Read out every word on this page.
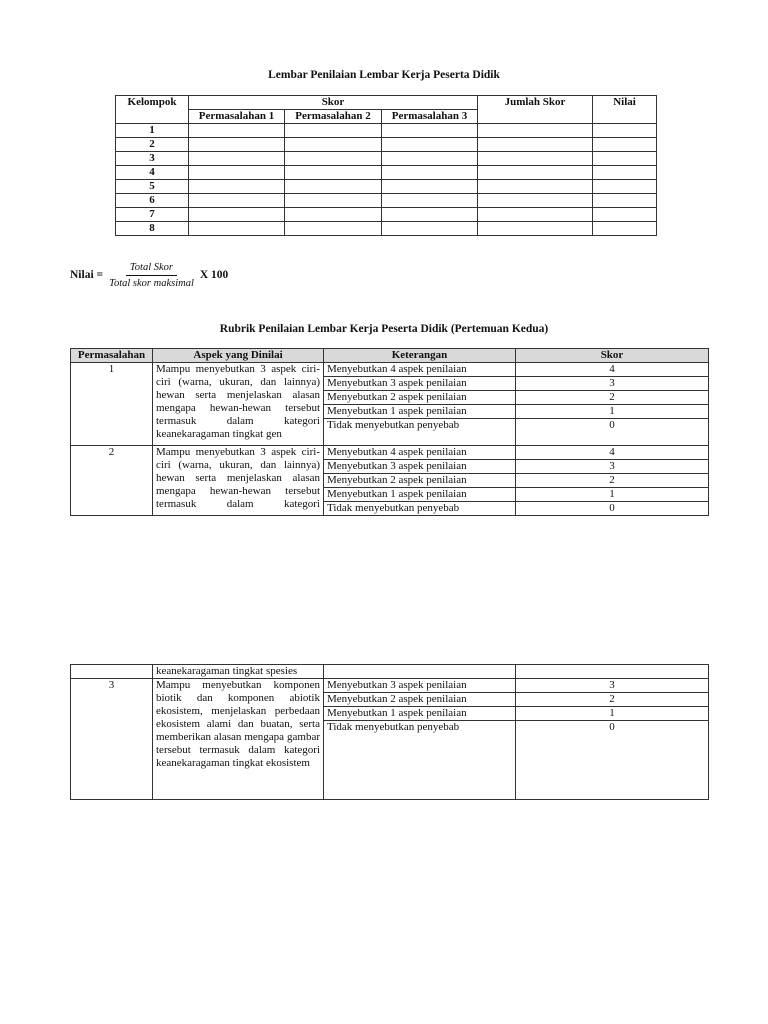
Lembar Penilaian Lembar Kerja Peserta Didik
Kelompok	Skor			Jumlah Skor	Nilai
	Permasalahan 1	Permasalahan 2	Permasalahan 3		
1					
2					
3					
4					
5					
6					
7					
8					
Nilai = $\frac{\text{Total Skor}}{\text{Total skor maksimal}}$ X 100
Rubrik Penilaian Lembar Kerja Peserta Didik (Pertemuan Kedua)
Permasalahan	Aspek yang Dinilai	Keterangan	Skor
1	Mampu menyebutkan 3 aspek ciri-ciri (warna, ukuran, dan lainnya) hewan serta menjelaskan alasan mengapa hewan-hewan tersebut termasuk dalam kategori keanekaragaman tingkat gen	Menyebutkan 4 aspek penilaian	4
		Menyebutkan 3 aspek penilaian	3
		Menyebutkan 2 aspek penilaian	2
		Menyebutkan 1 aspek penilaian	1
		Tidak menyebutkan penyebab	0
2	Mampu menyebutkan 3 aspek ciri-ciri (warna, ukuran, dan lainnya) hewan serta menjelaskan alasan mengapa hewan-hewan tersebut termasuk dalam kategori	Menyebutkan 4 aspek penilaian	4
		Menyebutkan 3 aspek penilaian	3
		Menyebutkan 2 aspek penilaian	2
		Menyebutkan 1 aspek penilaian	1
		Tidak menyebutkan penyebab	0
	keanekaragaman tingkat spesies		
3	Mampu menyebutkan komponen biotik dan komponen abiotik ekosistem, menjelaskan perbedaan ekosistem alami dan buatan, serta memberikan alasan mengapa gambar tersebut termasuk dalam kategori keanekaragaman tingkat ekosistem	Menyebutkan 3 aspek penilaian	3
		Menyebutkan 2 aspek penilaian	2
		Menyebutkan 1 aspek penilaian	1
		Tidak menyebutkan penyebab	0
